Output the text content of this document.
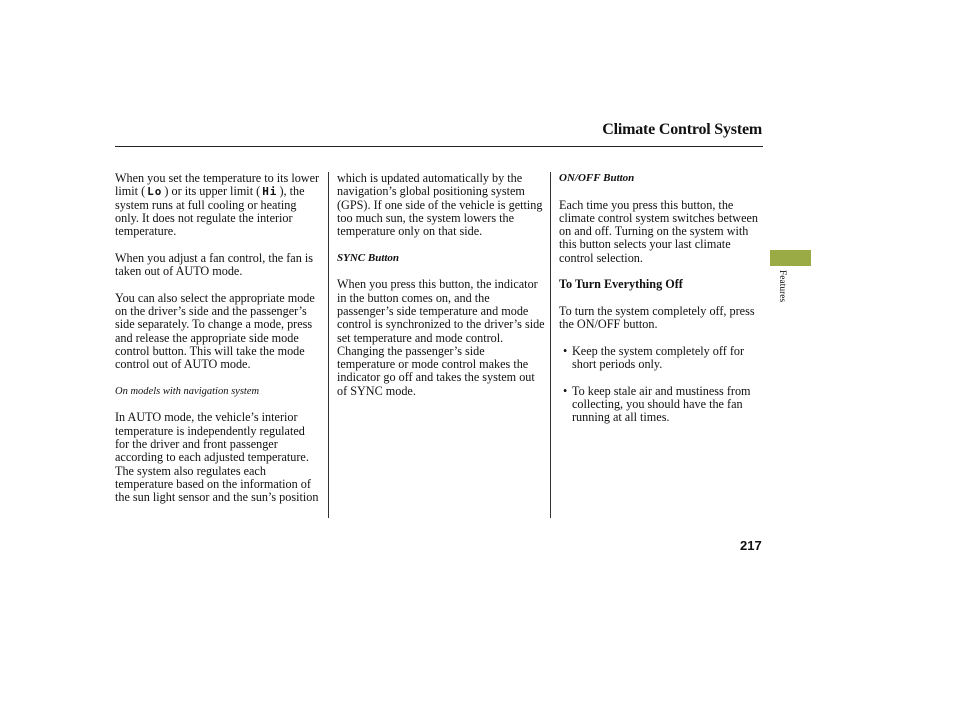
Climate Control System

When you set the temperature to its lower limit ( Lo ) or its upper limit ( Hi ), the system runs at full cooling or heating only. It does not regulate the interior temperature.

When you adjust a fan control, the fan is taken out of AUTO mode.

You can also select the appropriate mode on the driver’s side and the passenger’s side separately. To change a mode, press and release the appropriate side mode control button. This will take the mode control out of AUTO mode.

On models with navigation system

In AUTO mode, the vehicle’s interior temperature is independently regulated for the driver and front passenger according to each adjusted temperature. The system also regulates each temperature based on the information of the sun light sensor and the sun’s position

which is updated automatically by the navigation’s global positioning system (GPS). If one side of the vehicle is getting too much sun, the system lowers the temperature only on that side.

SYNC Button

When you press this button, the indicator in the button comes on, and the passenger’s side temperature and mode control is synchronized to the driver’s side set temperature and mode control. Changing the passenger’s side temperature or mode control makes the indicator go off and takes the system out of SYNC mode.

ON/OFF Button

Each time you press this button, the climate control system switches between on and off. Turning on the system with this button selects your last climate control selection.

To Turn Everything Off

To turn the system completely off, press the ON/OFF button.

• Keep the system completely off for short periods only.
• To keep stale air and mustiness from collecting, you should have the fan running at all times.
Features
217
